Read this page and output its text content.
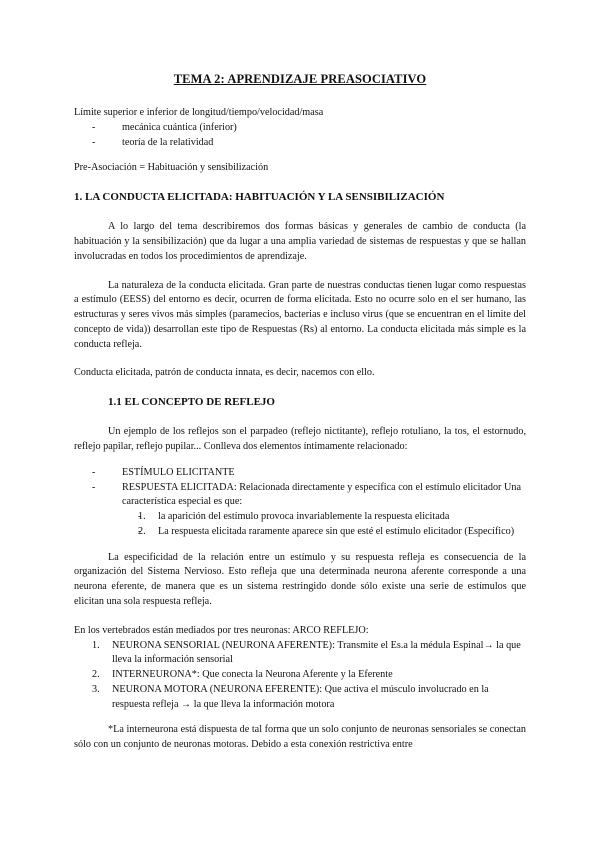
TEMA 2: APRENDIZAJE PREASOCIATIVO

Límite superior e inferior de longitud/tiempo/velocidad/masa

- mecánica cuántica (inferior)
- teoría de la relatividad

Pre-Asociación = Habituación y sensibilización

1. LA CONDUCTA ELICITADA: HABITUACIÓN Y LA SENSIBILIZACIÓN

A lo largo del tema describiremos dos formas básicas y generales de cambio de conducta (la habituación y la sensibilización) que da lugar a una amplia variedad de sistemas de respuestas y que se hallan involucradas en todos los procedimientos de aprendizaje.

La naturaleza de la conducta elicitada. Gran parte de nuestras conductas tienen lugar como respuestas a estímulo (EESS) del entorno es decir, ocurren de forma elicitada. Esto no ocurre solo en el ser humano, las estructuras y seres vivos más simples (paramecios, bacterias e incluso virus (que se encuentran en el límite del concepto de vida)) desarrollan este tipo de Respuestas (Rs) al entorno. La conducta elicitada más simple es la conducta refleja.

Conducta elicitada, patrón de conducta innata, es decir, nacemos con ello.

1.1 EL CONCEPTO DE REFLEJO

Un ejemplo de los reflejos son el parpadeo (reflejo nictitante), reflejo rotuliano, la tos, el estornudo, reflejo papilar, reflejo pupilar... Conlleva dos elementos íntimamente relacionado:

- ESTÍMULO ELICITANTE
- RESPUESTA ELICITADA: Relacionada directamente y específica con el estímulo elicitador Una característica especial es que:
- 1. la aparición del estímulo provoca invariablemente la respuesta elicitada
- 2. La respuesta elicitada raramente aparece sin que esté el estímulo elicitador (Específico)

La especificidad de la relación entre un estímulo y su respuesta refleja es consecuencia de la organización del Sistema Nervioso. Esto refleja que una determinada neurona aferente corresponde a una neurona eferente, de manera que es un sistema restringido donde sólo existe una serie de estímulos que elicitan una sola respuesta refleja.

En los vertebrados están mediados por tres neuronas: ARCO REFLEJO:

1. NEURONA SENSORIAL (NEURONA AFERENTE): Transmite el Es.a la médula Espinal→ la que lleva la información sensorial
2. INTERNEURONA*: Que conecta la Neurona Aferente y la Eferente
3. NEURONA MOTORA (NEURONA EFERENTE): Que activa el músculo involucrado en la respuesta refleja → la que lleva la información motora

*La interneurona está dispuesta de tal forma que un solo conjunto de neuronas sensoriales se conectan sólo con un conjunto de neuronas motoras. Debido a esta conexión restrictiva entre
